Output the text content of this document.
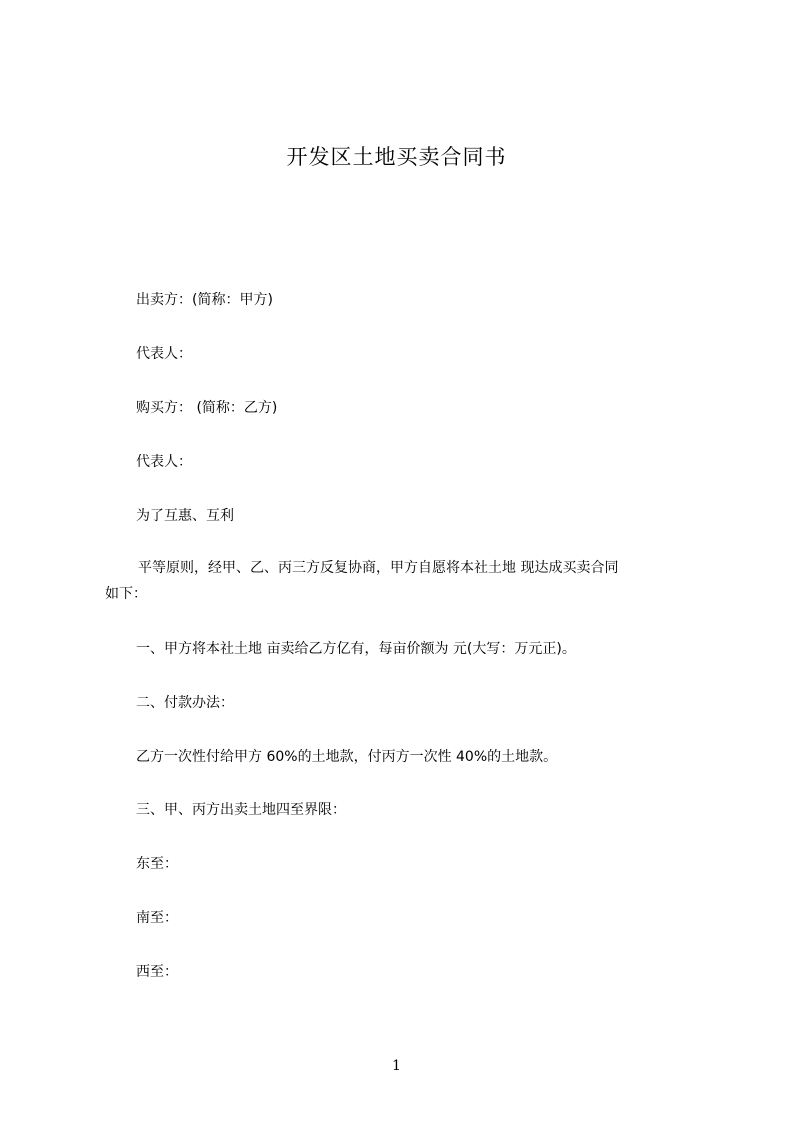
开发区土地买卖合同书
出卖方：(简称：甲方)
代表人：
购买方： (简称：乙方)
代表人：
为了互惠、互利
平等原则，经甲、乙、丙三方反复协商，甲方自愿将本社土地 现达成买卖合同
如下：
一、甲方将本社土地 亩卖给乙方亿有，每亩价额为 元(大写：万元正)。
二、付款办法：
乙方一次性付给甲方 60%的土地款，付丙方一次性 40%的土地款。
三、甲、丙方出卖土地四至界限：
东至：
南至：
西至：
1
